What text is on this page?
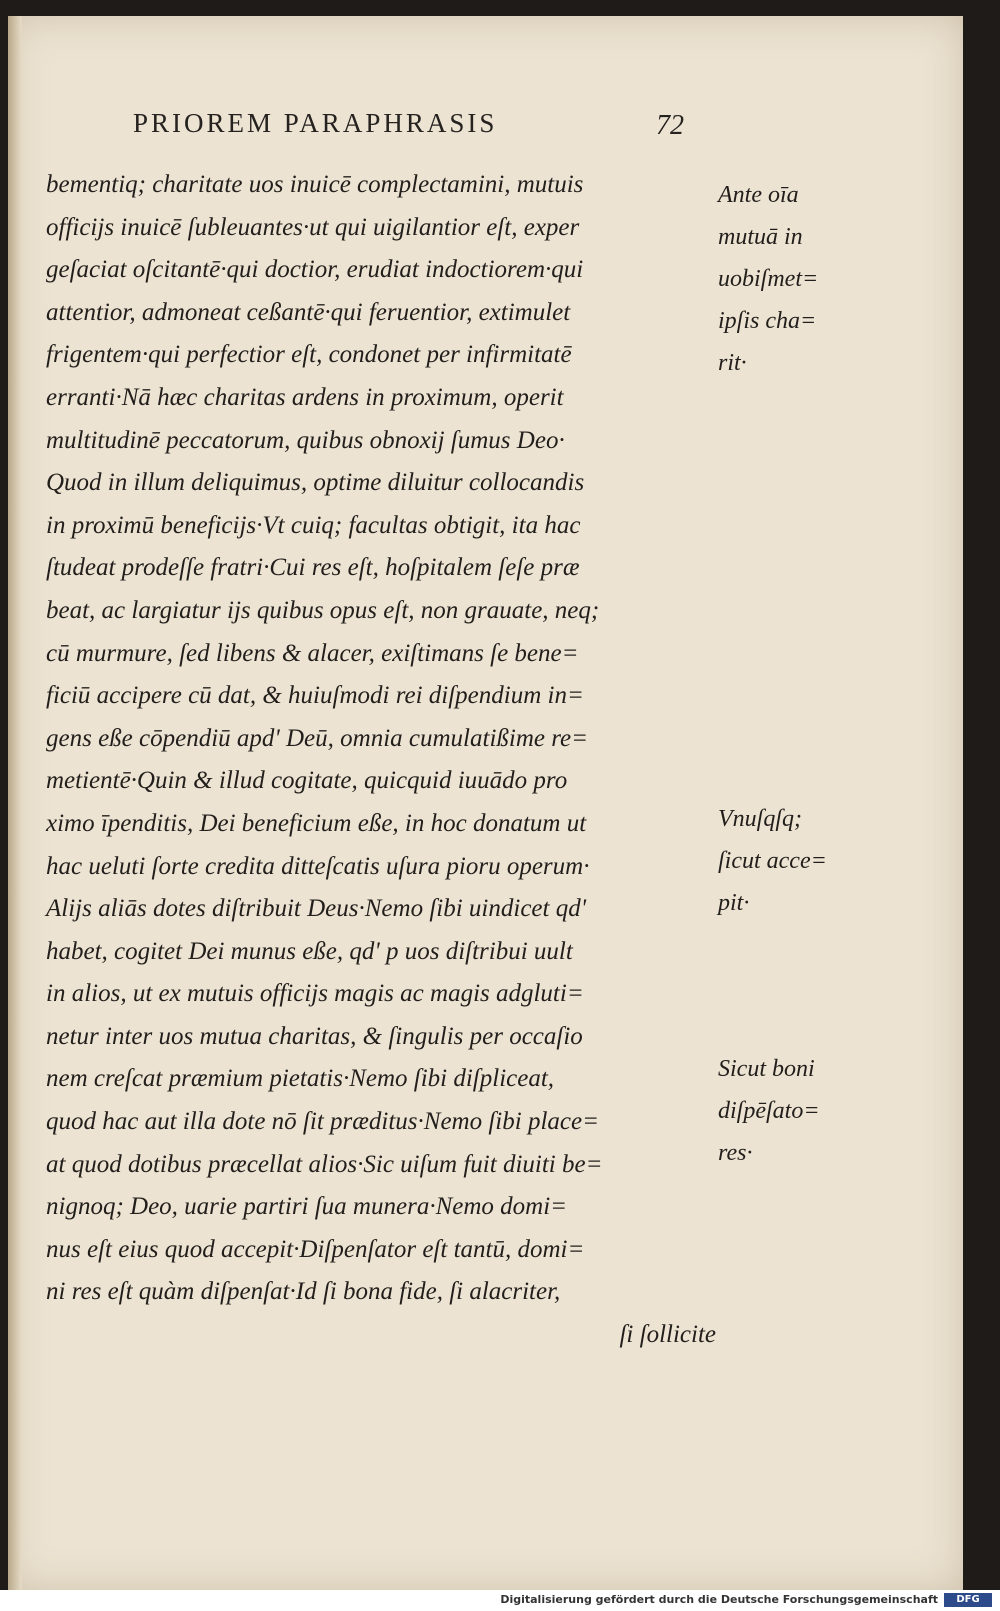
PRIOREM PARAPHRASIS	72
bementiq; charitate uos inuicē complectamini, mutuis
officijs inuicē ſubleuantes·ut qui uigilantior eſt, exper
geſaciat oſcitantē·qui doctior, erudiat indoctiorem·qui
attentior, admoneat ceßantē·qui feruentior, extimulet
frigentem·qui perfectior eſt, condonet per infirmitatē
erranti·Nā hæc charitas ardens in proximum, operit
multitudinē peccatorum, quibus obnoxij ſumus Deo·
Quod in illum deliquimus, optime diluitur collocandis
in proximū beneficijs·Vt cuiq; facultas obtigit, ita hac
ſtudeat prodeſſe fratri·Cui res eſt, hoſpitalem ſeſe præ
beat, ac largiatur ijs quibus opus eſt, non grauate, neq;
cū murmure, ſed libens & alacer, exiſtimans ſe bene=
ficiū accipere cū dat, & huiuſmodi rei diſpendium in=
gens eße cōpendiū apd' Deū, omnia cumulatißime re=
metientē·Quin & illud cogitate, quicquid iuuādo pro
ximo īpenditis, Dei beneficium eße, in hoc donatum ut
hac ueluti ſorte credita ditteſcatis uſura pioru operum·
Alijs aliās dotes diſtribuit Deus·Nemo ſibi uindicet qd'
habet, cogitet Dei munus eße, qd' p uos diſtribui uult
in alios, ut ex mutuis officijs magis ac magis adgluti=
netur inter uos mutua charitas, & ſingulis per occaſio
nem creſcat præmium pietatis·Nemo ſibi diſpliceat,
quod hac aut illa dote nō ſit præditus·Nemo ſibi place=
at quod dotibus præcellat alios·Sic uiſum fuit diuiti be=
nignoq; Deo, uarie partiri ſua munera·Nemo domi=
nus eſt eius quod accepit·Diſpenſator eſt tantū, domi=
ni res eſt quàm diſpenſat·Id ſi bona fide, ſi alacriter,
ſi ſollicite
Ante oīa
mutuā in
uobiſmet=
ipſis cha=
rit·
Vnuſqſq;
ſicut acce=
pit·
Sicut boni
diſpēſato=
res·
Digitalisierung gefördert durch die Deutsche Forschungsgemeinschaft	DFG
